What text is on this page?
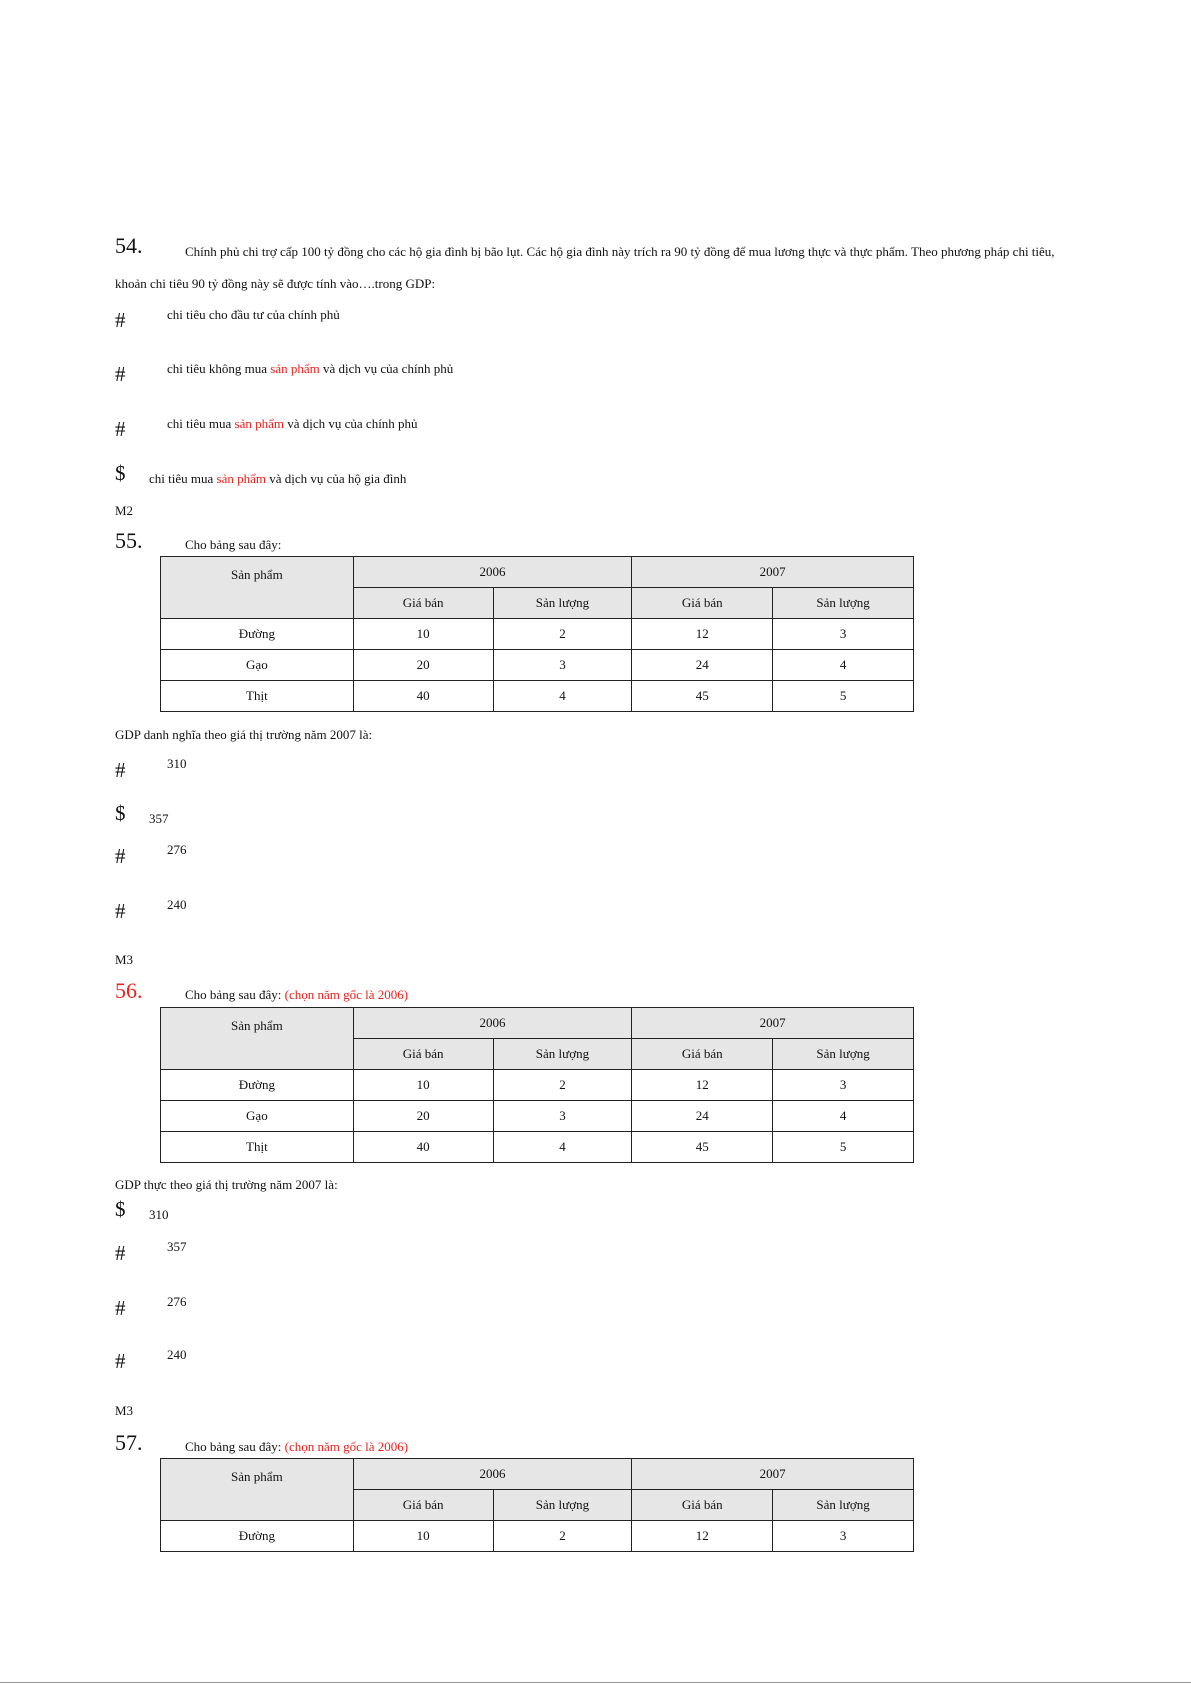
54.	Chính phủ chi trợ cấp 100 tỷ đồng cho các hộ gia đình bị bão lụt. Các hộ gia đình này trích ra 90 tỷ đồng để mua lương thực và thực phẩm. Theo phương pháp chi tiêu,
khoản chi tiêu 90 tỷ đồng này sẽ được tính vào….trong GDP:
#	chi tiêu cho đầu tư của chính phủ
#	chi tiêu không mua sản phẩm và dịch vụ của chính phủ
#	chi tiêu mua sản phẩm và dịch vụ của chính phủ
$ chi tiêu mua sản phẩm và dịch vụ của hộ gia đình
M2
55.	Cho bảng sau đây:
Sản phẩm	2006		2007	
	Giá bán	Sản lượng	Giá bán	Sản lượng
Đường	10	2	12	3
Gạo	20	3	24	4
Thịt	40	4	45	5
GDP danh nghĩa theo giá thị trường năm 2007 là:
#	310
$ 357
#	276
#	240
M3
56.	Cho bảng sau đây: (chọn năm gốc là 2006)
Sản phẩm	2006		2007	
	Giá bán	Sản lượng	Giá bán	Sản lượng
Đường	10	2	12	3
Gạo	20	3	24	4
Thịt	40	4	45	5
GDP thực theo giá thị trường năm 2007 là:
$ 310
#	357
#	276
#	240
M3
57.	Cho bảng sau đây: (chọn năm gốc là 2006)
Sản phẩm	2006		2007	
	Giá bán	Sản lượng	Giá bán	Sản lượng
Đường	10	2	12	3
